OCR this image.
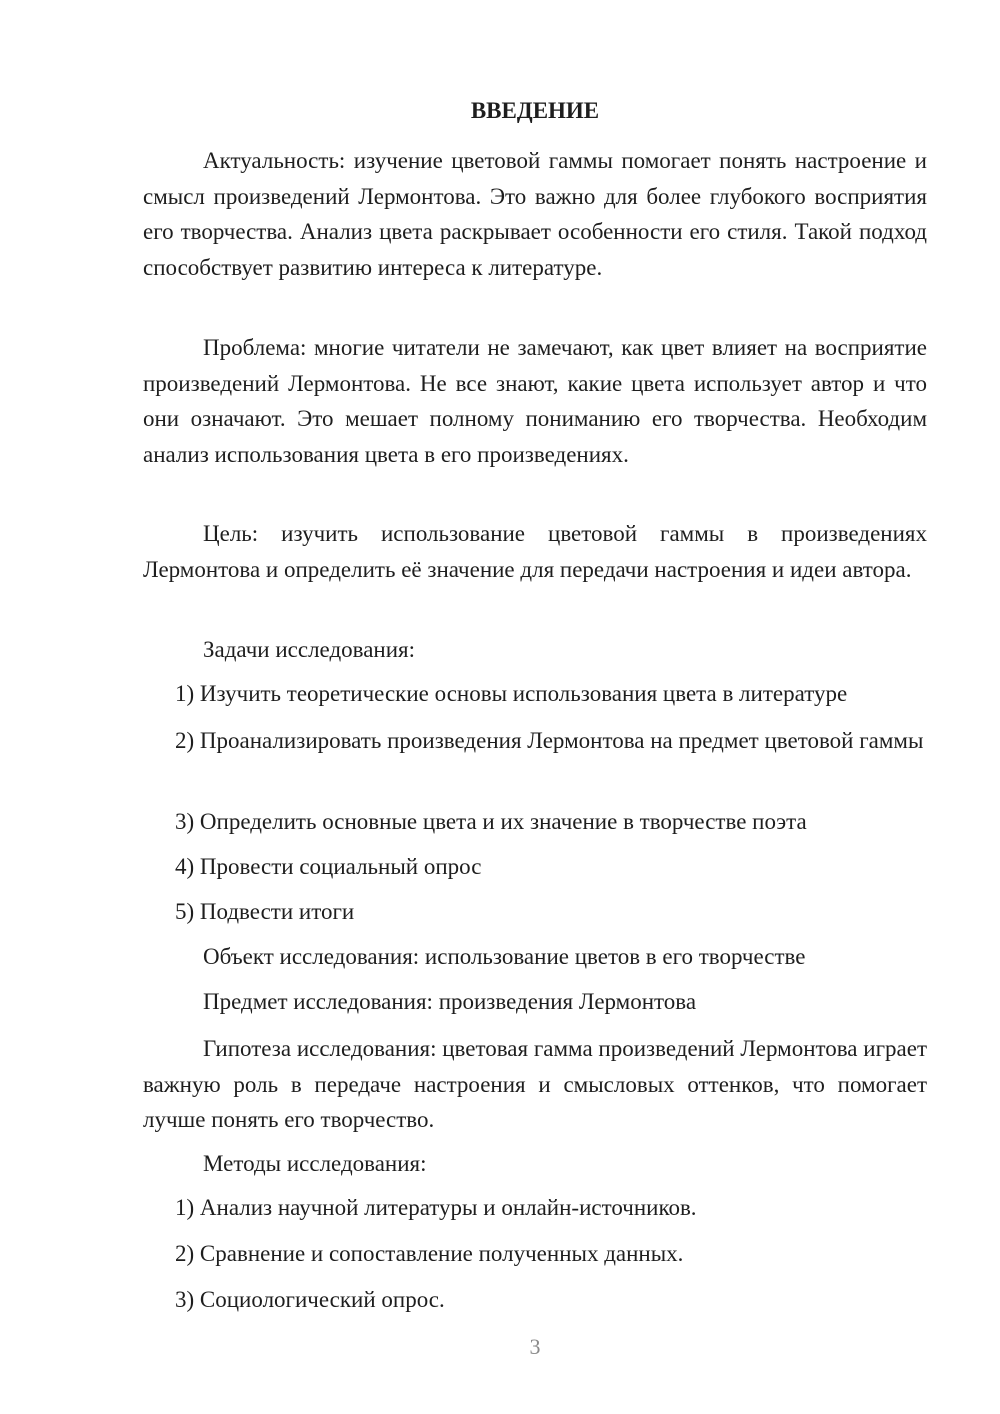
ВВЕДЕНИЕ

Актуальность: изучение цветовой гаммы помогает понять настроение и смысл произведений Лермонтова. Это важно для более глубокого восприятия его творчества. Анализ цвета раскрывает особенности его стиля. Такой подход способствует развитию интереса к литературе.

Проблема: многие читатели не замечают, как цвет влияет на восприятие произведений Лермонтова. Не все знают, какие цвета использует автор и что они означают. Это мешает полному пониманию его творчества. Необходим анализ использования цвета в его произведениях.

Цель: изучить использование цветовой гаммы в произведениях Лермонтова и определить её значение для передачи настроения и идеи автора.

Задачи исследования:

1) Изучить теоретические основы использования цвета в литературе

2) Проанализировать произведения Лермонтова на предмет цветовой гаммы

3) Определить основные цвета и их значение в творчестве поэта

4) Провести социальный опрос

5) Подвести итоги

Объект исследования: использование цветов в его творчестве
Предмет исследования: произведения Лермонтова

Гипотеза исследования: цветовая гамма произведений Лермонтова играет важную роль в передаче настроения и смысловых оттенков, что помогает лучше понять его творчество.

Методы исследования:

1) Анализ научной литературы и онлайн-источников.

2) Сравнение и сопоставление полученных данных.

3) Социологический опрос.

3
